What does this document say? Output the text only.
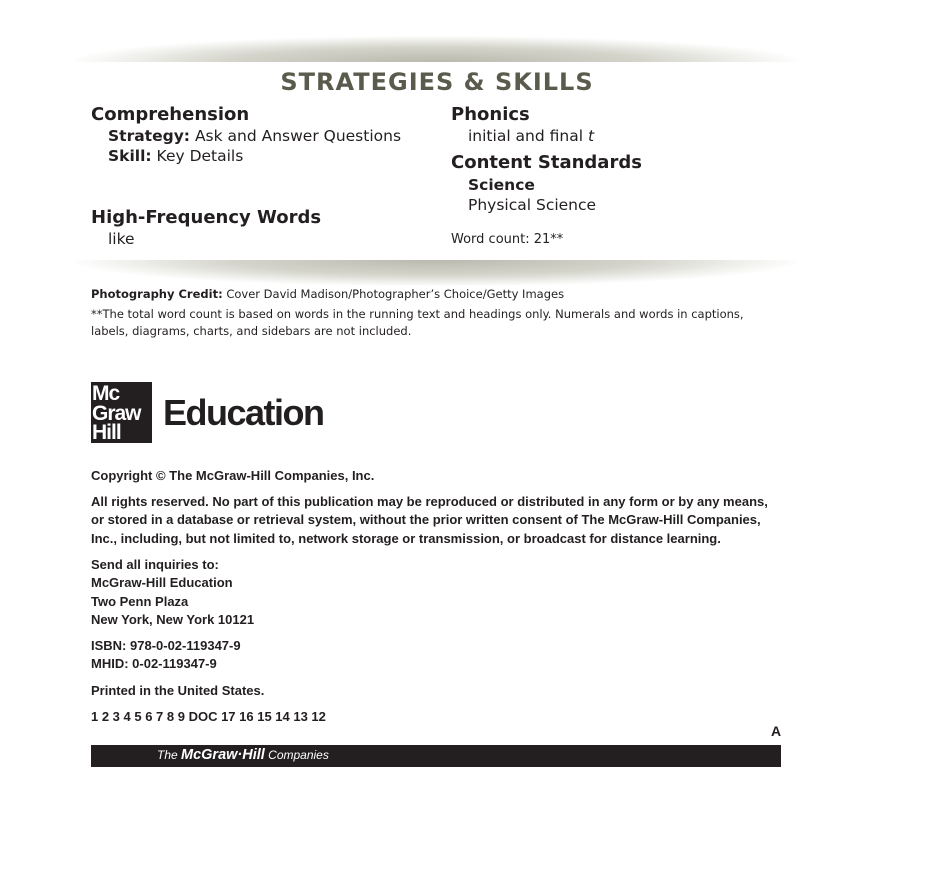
STRATEGIES & SKILLS
Comprehension
Strategy: Ask and Answer Questions
Skill: Key Details
High-Frequency Words
like
Phonics
initial and final t
Content Standards
Science
Physical Science
Word count: 21**
Photography Credit: Cover David Madison/Photographer’s Choice/Getty Images
**The total word count is based on words in the running text and headings only. Numerals and words in captions, labels, diagrams, charts, and sidebars are not included.
Mc
Graw
Hill	Education
Copyright © The McGraw-Hill Companies, Inc.
All rights reserved. No part of this publication may be reproduced or distributed in any form or by any means, or stored in a database or retrieval system, without the prior written consent of The McGraw-Hill Companies, Inc., including, but not limited to, network storage or transmission, or broadcast for distance learning.
Send all inquiries to:
McGraw-Hill Education
Two Penn Plaza
New York, New York 10121
ISBN: 978-0-02-119347-9
MHID: 0-02-119347-9
Printed in the United States.
1 2 3 4 5 6 7 8 9 DOC 17 16 15 14 13 12
A
The McGraw·Hill Companies
